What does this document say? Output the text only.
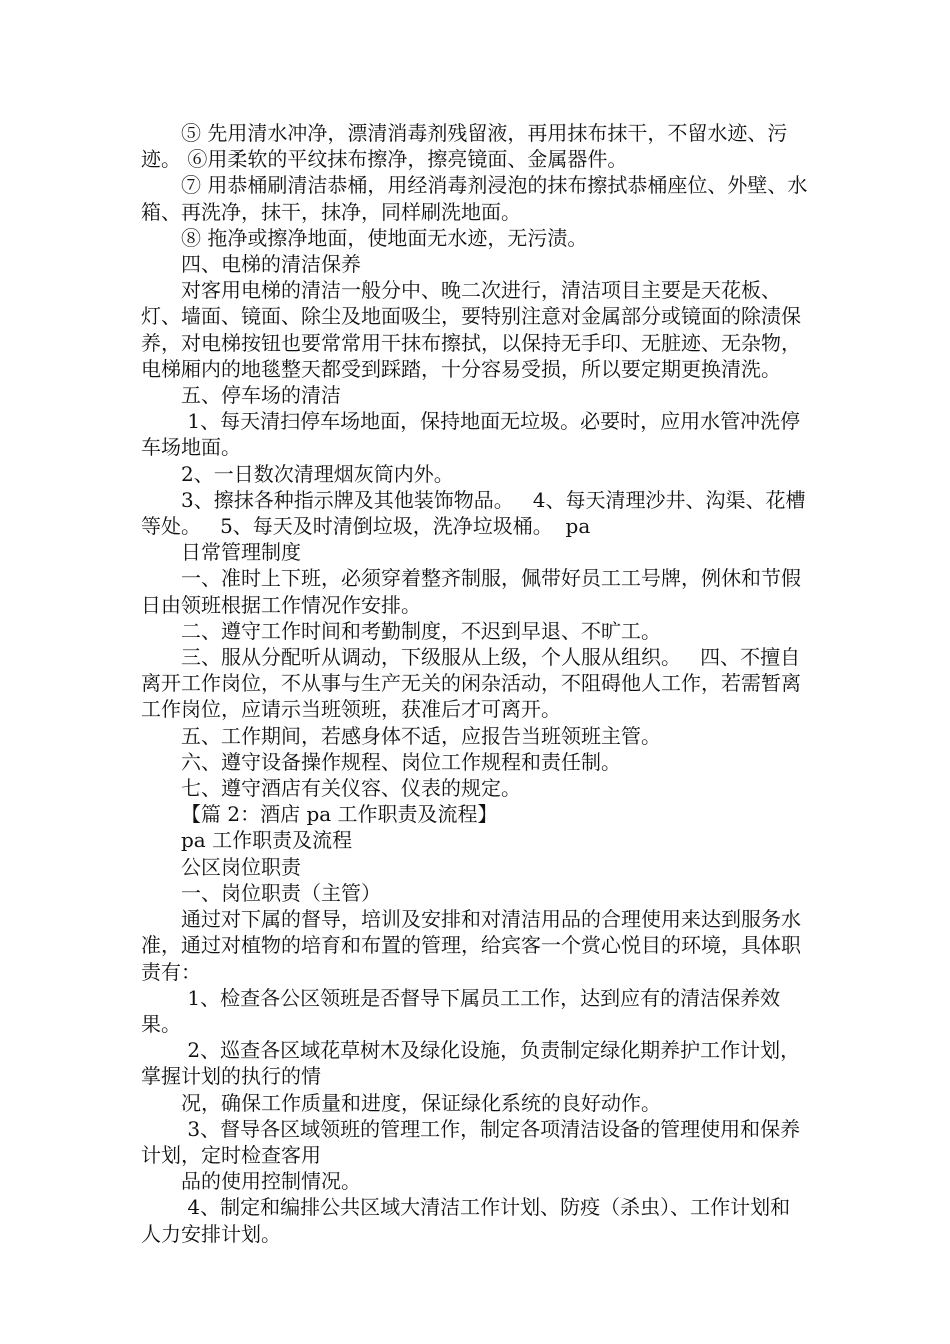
⑤ 先用清水冲净，漂清消毒剂残留液，再用抹布抹干，不留水迹、污迹。 ⑥用柔软的平纹抹布擦净，擦亮镜面、金属器件。

⑦ 用恭桶刷清洁恭桶，用经消毒剂浸泡的抹布擦拭恭桶座位、外壁、水箱、再洗净，抹干，抹净，同样刷洗地面。

⑧ 拖净或擦净地面，使地面无水迹，无污渍。

四、电梯的清洁保养

对客用电梯的清洁一般分中、晚二次进行，清洁项目主要是天花板、灯、墙面、镜面、除尘及地面吸尘，要特别注意对金属部分或镜面的除渍保养，对电梯按钮也要常常用干抹布擦拭，以保持无手印、无脏迹、无杂物，电梯厢内的地毯整天都受到踩踏，十分容易受损，所以要定期更换清洗。

五、停车场的清洁

1、每天清扫停车场地面，保持地面无垃圾。必要时，应用水管冲洗停车场地面。

2、一日数次清理烟灰筒内外。

3、擦抹各种指示牌及其他装饰物品。   4、每天清理沙井、沟渠、花槽等处。   5、每天及时清倒垃圾，洗净垃圾桶。  pa

日常管理制度

一、准时上下班，必须穿着整齐制服，佩带好员工工号牌，例休和节假日由领班根据工作情况作安排。

二、遵守工作时间和考勤制度，不迟到早退、不旷工。

三、服从分配听从调动，下级服从上级，个人服从组织。   四、不擅自离开工作岗位，不从事与生产无关的闲杂活动，不阻碍他人工作，若需暂离工作岗位，应请示当班领班，获准后才可离开。

五、工作期间，若感身体不适，应报告当班领班主管。

六、遵守设备操作规程、岗位工作规程和责任制。

七、遵守酒店有关仪容、仪表的规定。

【篇 2：酒店 pa 工作职责及流程】

pa 工作职责及流程

公区岗位职责

一、岗位职责（主管）

通过对下属的督导，培训及安排和对清洁用品的合理使用来达到服务水准，通过对植物的培育和布置的管理，给宾客一个赏心悦目的环境，具体职责有：

1、检查各公区领班是否督导下属员工工作，达到应有的清洁保养效果。

2、巡查各区域花草树木及绿化设施，负责制定绿化期养护工作计划，掌握计划的执行的情

况，确保工作质量和进度，保证绿化系统的良好动作。

3、督导各区域领班的管理工作，制定各项清洁设备的管理使用和保养计划，定时检查客用

品的使用控制情况。

4、制定和编排公共区域大清洁工作计划、防疫（杀虫）、工作计划和人力安排计划。
